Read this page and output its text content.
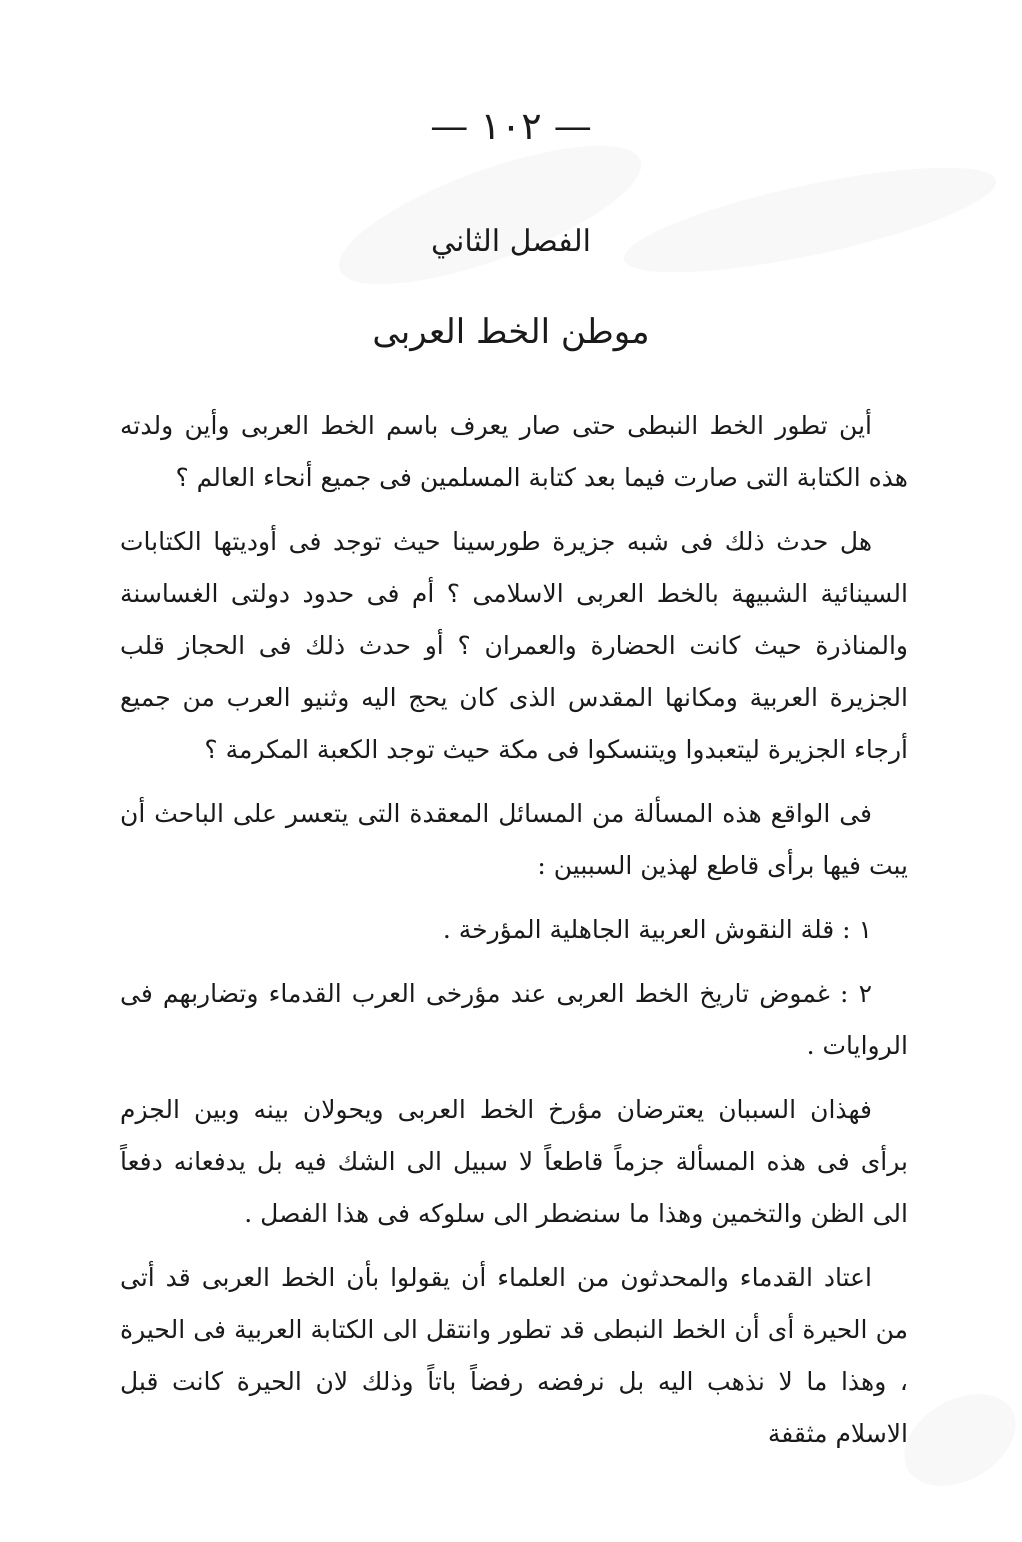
— ١٠٢ —
الفصل الثاني
موطن الخط العربى

أين تطور الخط النبطى حتى صار يعرف باسم الخط العربى وأين ولدته هذه الكتابة التى صارت فيما بعد كتابة المسلمين فى جميع أنحاء العالم ؟

هل حدث ذلك فى شبه جزيرة طورسينا حيث توجد فى أوديتها الكتابات السينائية الشبيهة بالخط العربى الاسلامى ؟ أم فى حدود دولتى الغساسنة والمناذرة حيث كانت الحضارة والعمران ؟ أو حدث ذلك فى الحجاز قلب الجزيرة العربية ومكانها المقدس الذى كان يحج اليه وثنيو العرب من جميع أرجاء الجزيرة ليتعبدوا ويتنسكوا فى مكة حيث توجد الكعبة المكرمة ؟

فى الواقع هذه المسألة من المسائل المعقدة التى يتعسر على الباحث أن يبت فيها برأى قاطع لهذين السببين :

١ : قلة النقوش العربية الجاهلية المؤرخة .

٢ : غموض تاريخ الخط العربى عند مؤرخى العرب القدماء وتضاربهم فى الروايات .

فهذان السببان يعترضان مؤرخ الخط العربى ويحولان بينه وبين الجزم برأى فى هذه المسألة جزماً قاطعاً لا سبيل الى الشك فيه بل يدفعانه دفعاً الى الظن والتخمين وهذا ما سنضطر الى سلوكه فى هذا الفصل .

اعتاد القدماء والمحدثون من العلماء أن يقولوا بأن الخط العربى قد أتى من الحيرة أى أن الخط النبطى قد تطور وانتقل الى الكتابة العربية فى الحيرة ، وهذا ما لا نذهب اليه بل نرفضه رفضاً باتاً وذلك لان الحيرة كانت قبل الاسلام مثقفة
